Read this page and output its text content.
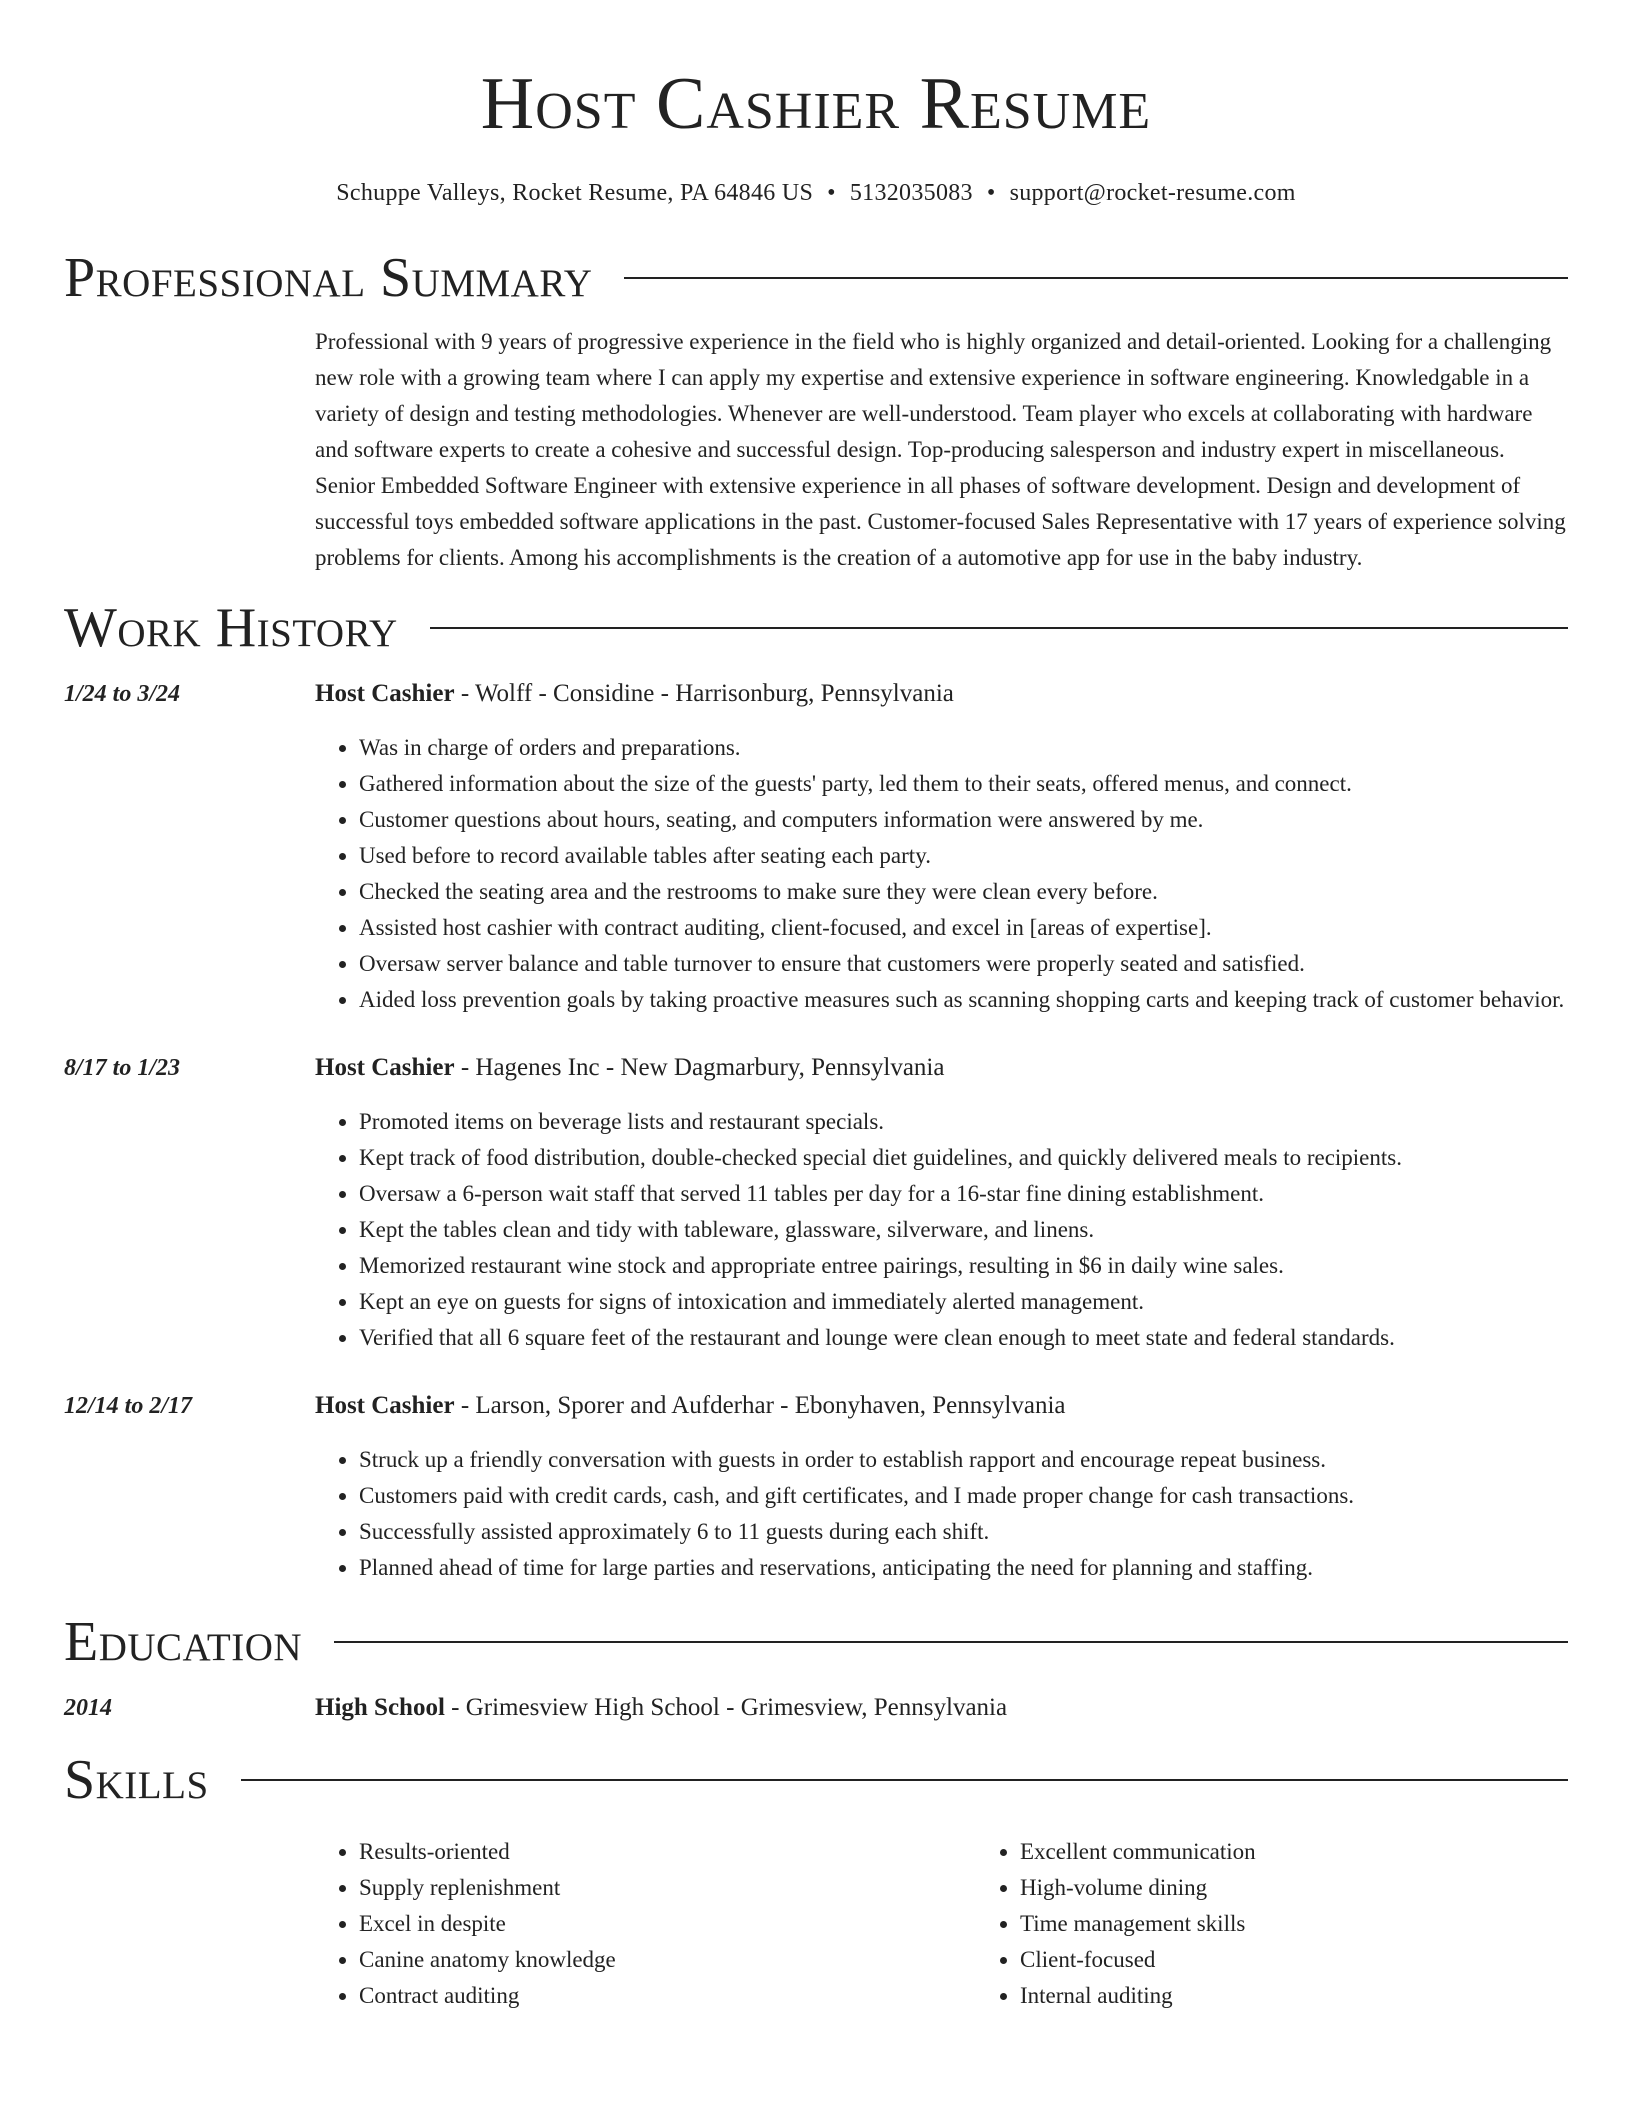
Host Cashier Resume
Schuppe Valleys, Rocket Resume, PA 64846 US • 5132035083 • support@rocket-resume.com
Professional Summary
Professional with 9 years of progressive experience in the field who is highly organized and detail-oriented. Looking for a challenging new role with a growing team where I can apply my expertise and extensive experience in software engineering. Knowledgable in a variety of design and testing methodologies. Whenever are well-understood. Team player who excels at collaborating with hardware and software experts to create a cohesive and successful design. Top-producing salesperson and industry expert in miscellaneous. Senior Embedded Software Engineer with extensive experience in all phases of software development. Design and development of successful toys embedded software applications in the past. Customer-focused Sales Representative with 17 years of experience solving problems for clients. Among his accomplishments is the creation of a automotive app for use in the baby industry.
Work History
1/24 to 3/24	Host Cashier - Wolff - Considine - Harrisonburg, Pennsylvania
• Was in charge of orders and preparations.
• Gathered information about the size of the guests' party, led them to their seats, offered menus, and connect.
• Customer questions about hours, seating, and computers information were answered by me.
• Used before to record available tables after seating each party.
• Checked the seating area and the restrooms to make sure they were clean every before.
• Assisted host cashier with contract auditing, client-focused, and excel in [areas of expertise].
• Oversaw server balance and table turnover to ensure that customers were properly seated and satisfied.
• Aided loss prevention goals by taking proactive measures such as scanning shopping carts and keeping track of customer behavior.
8/17 to 1/23	Host Cashier - Hagenes Inc - New Dagmarbury, Pennsylvania
• Promoted items on beverage lists and restaurant specials.
• Kept track of food distribution, double-checked special diet guidelines, and quickly delivered meals to recipients.
• Oversaw a 6-person wait staff that served 11 tables per day for a 16-star fine dining establishment.
• Kept the tables clean and tidy with tableware, glassware, silverware, and linens.
• Memorized restaurant wine stock and appropriate entree pairings, resulting in $6 in daily wine sales.
• Kept an eye on guests for signs of intoxication and immediately alerted management.
• Verified that all 6 square feet of the restaurant and lounge were clean enough to meet state and federal standards.
12/14 to 2/17	Host Cashier - Larson, Sporer and Aufderhar - Ebonyhaven, Pennsylvania
• Struck up a friendly conversation with guests in order to establish rapport and encourage repeat business.
• Customers paid with credit cards, cash, and gift certificates, and I made proper change for cash transactions.
• Successfully assisted approximately 6 to 11 guests during each shift.
• Planned ahead of time for large parties and reservations, anticipating the need for planning and staffing.
Education
2014	High School - Grimesview High School - Grimesview, Pennsylvania
Skills
• Results-oriented
• Supply replenishment
• Excel in despite
• Canine anatomy knowledge
• Contract auditing
• Excellent communication
• High-volume dining
• Time management skills
• Client-focused
• Internal auditing
